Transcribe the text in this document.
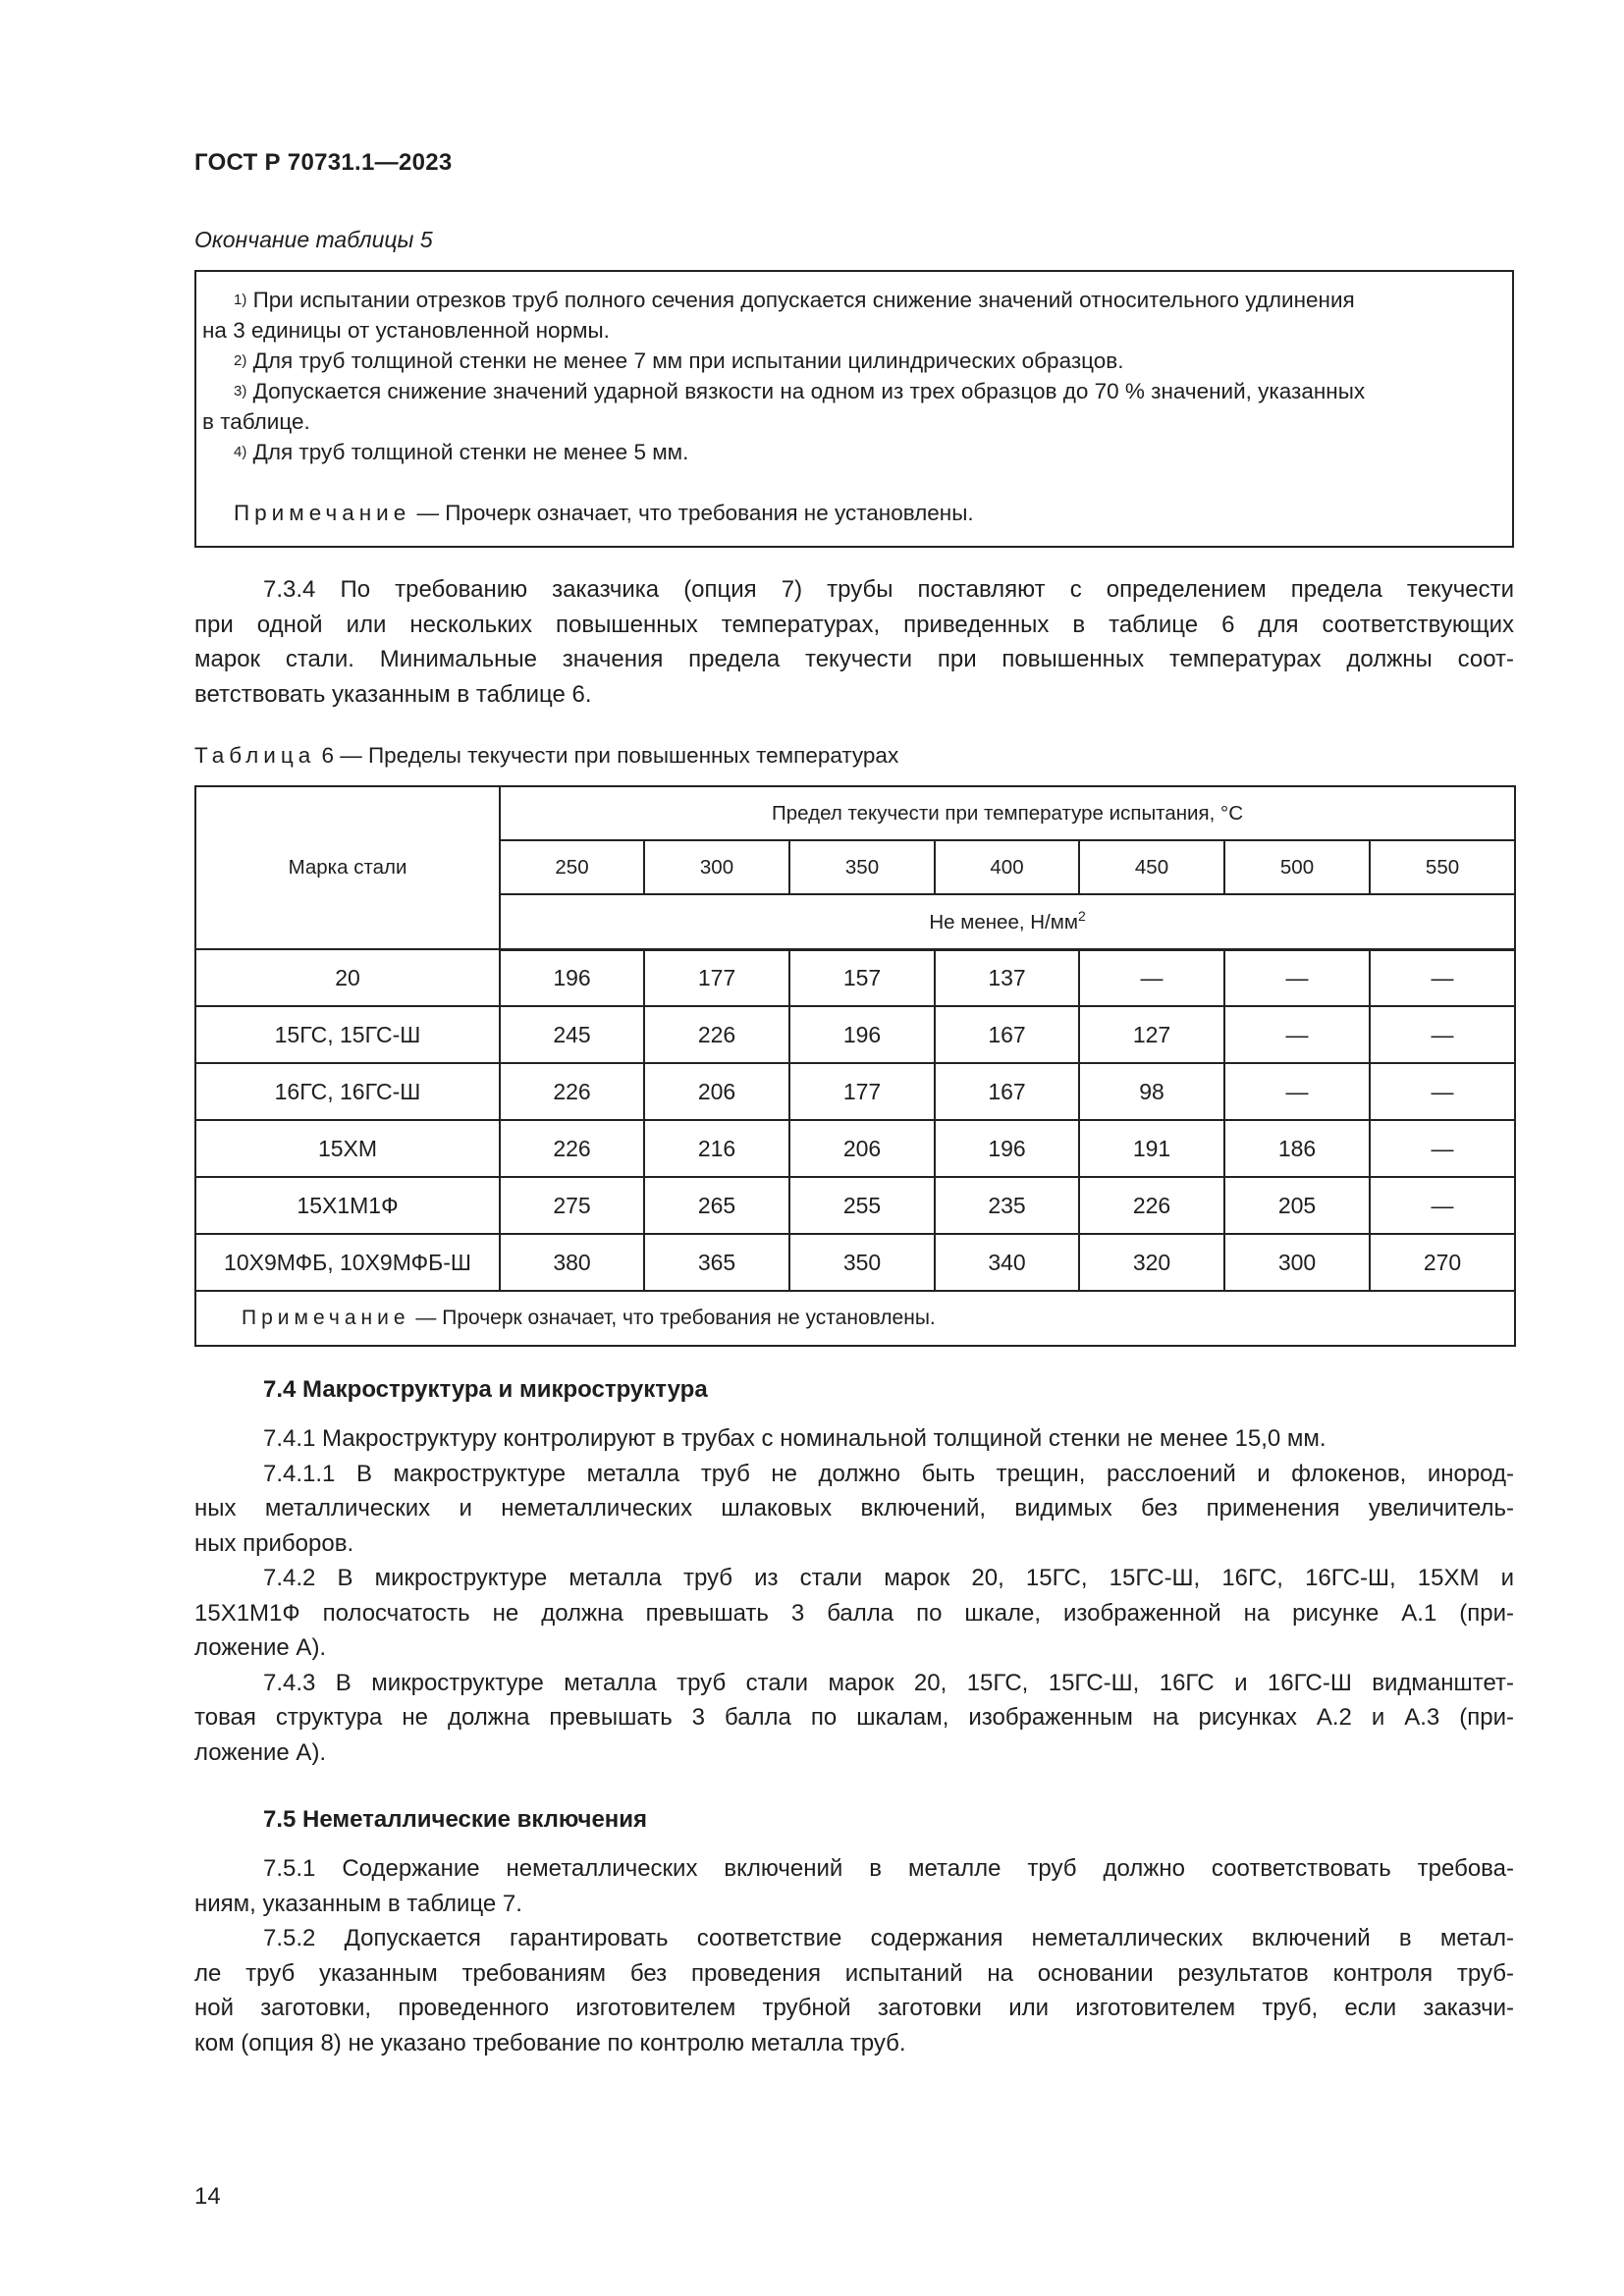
ГОСТ Р 70731.1—2023
Окончание таблицы 5
$^{1)}$ При испытании отрезков труб полного сечения допускается снижение значений относительного удлинения
на 3 единицы от установленной нормы.
$^{2)}$ Для труб толщиной стенки не менее 7 мм при испытании цилиндрических образцов.
$^{3)}$ Допускается снижение значений ударной вязкости на одном из трех образцов до 70 % значений, указанных
в таблице.
$^{4)}$ Для труб толщиной стенки не менее 5 мм.
Примечание — Прочерк означает, что требования не установлены.
7.3.4 По требованию заказчика (опция 7) трубы поставляют с определением предела текучести
при одной или нескольких повышенных температурах, приведенных в таблице 6 для соответствующих
марок стали. Минимальные значения предела текучести при повышенных температурах должны соот-
ветствовать указанным в таблице 6.
Таблица 6 — Пределы текучести при повышенных температурах
Марка стали	Предел текучести при температуре испытания, °С						
	250	300	350	400	450	500	550
	Не менее, $Н/мм^2$
20	196	177	157	137	—	—	—
15ГС, 15ГС-Ш	245	226	196	167	127	—	—
16ГС, 16ГС-Ш	226	206	177	167	98	—	—
15ХМ	226	216	206	196	191	186	—
15Х1М1Ф	275	265	255	235	226	205	—
10Х9МФБ, 10Х9МФБ-Ш	380	365	350	340	320	300	270
Примечание — Прочерк означает, что требования не установлены.							
7.4 Макроструктура и микроструктура
7.4.1 Макроструктуру контролируют в трубах с номинальной толщиной стенки не менее 15,0 мм.
7.4.1.1 В макроструктуре металла труб не должно быть трещин, расслоений и флокенов, инород-
ных металлических и неметаллических шлаковых включений, видимых без применения увеличитель-
ных приборов.
7.4.2 В микроструктуре металла труб из стали марок 20, 15ГС, 15ГС-Ш, 16ГС, 16ГС-Ш, 15ХМ и
15Х1М1Ф полосчатость не должна превышать 3 балла по шкале, изображенной на рисунке А.1 (при-
ложение А).
7.4.3 В микроструктуре металла труб стали марок 20, 15ГС, 15ГС-Ш, 16ГС и 16ГС-Ш видманштет-
товая структура не должна превышать 3 балла по шкалам, изображенным на рисунках А.2 и А.3 (при-
ложение А).
7.5 Неметаллические включения
7.5.1 Содержание неметаллических включений в металле труб должно соответствовать требова-
ниям, указанным в таблице 7.
7.5.2 Допускается гарантировать соответствие содержания неметаллических включений в метал-
ле труб указанным требованиям без проведения испытаний на основании результатов контроля труб-
ной заготовки, проведенного изготовителем трубной заготовки или изготовителем труб, если заказчи-
ком (опция 8) не указано требование по контролю металла труб.
14
